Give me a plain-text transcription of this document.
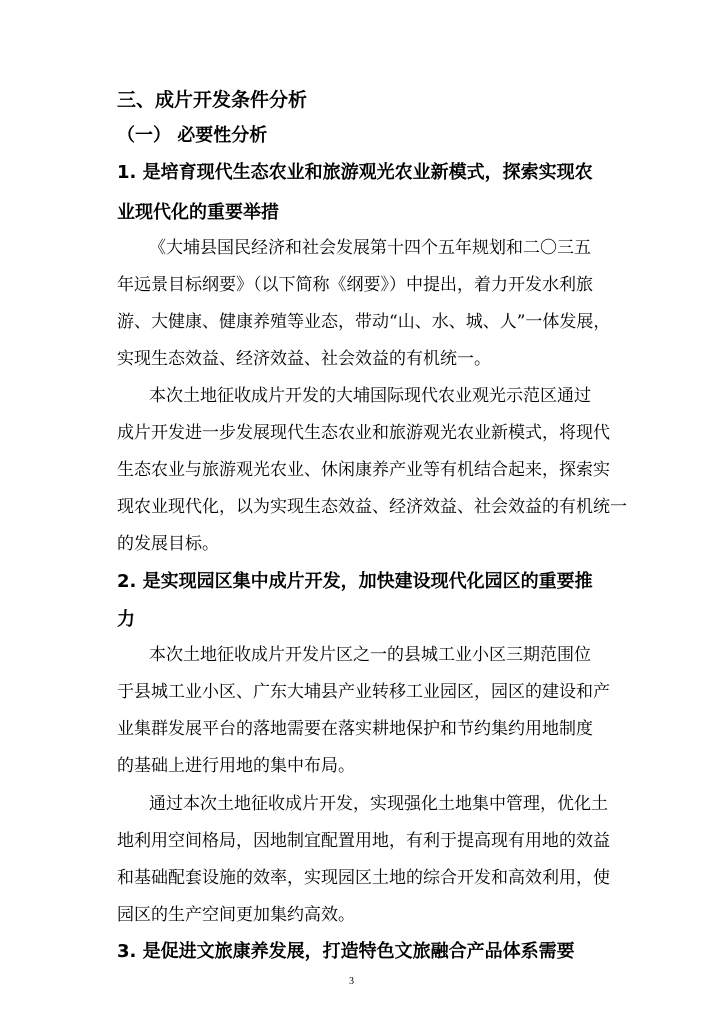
三、成片开发条件分析
（一） 必要性分析
1. 是培育现代生态农业和旅游观光农业新模式，探索实现农
业现代化的重要举措
《大埔县国民经济和社会发展第十四个五年规划和二〇三五
年远景目标纲要》（以下简称《纲要》）中提出，着力开发水利旅
游、大健康、健康养殖等业态，带动“山、水、城、人”一体发展，
实现生态效益、经济效益、社会效益的有机统一。
本次土地征收成片开发的大埔国际现代农业观光示范区通过
成片开发进一步发展现代生态农业和旅游观光农业新模式，将现代
生态农业与旅游观光农业、休闲康养产业等有机结合起来，探索实
现农业现代化，以为实现生态效益、经济效益、社会效益的有机统一
的发展目标。
2. 是实现园区集中成片开发，加快建设现代化园区的重要推
力
本次土地征收成片开发片区之一的县城工业小区三期范围位
于县城工业小区、广东大埔县产业转移工业园区，园区的建设和产
业集群发展平台的落地需要在落实耕地保护和节约集约用地制度
的基础上进行用地的集中布局。
通过本次土地征收成片开发，实现强化土地集中管理，优化土
地利用空间格局，因地制宜配置用地，有利于提高现有用地的效益
和基础配套设施的效率，实现园区土地的综合开发和高效利用，使
园区的生产空间更加集约高效。
3. 是促进文旅康养发展，打造特色文旅融合产品体系需要
3
